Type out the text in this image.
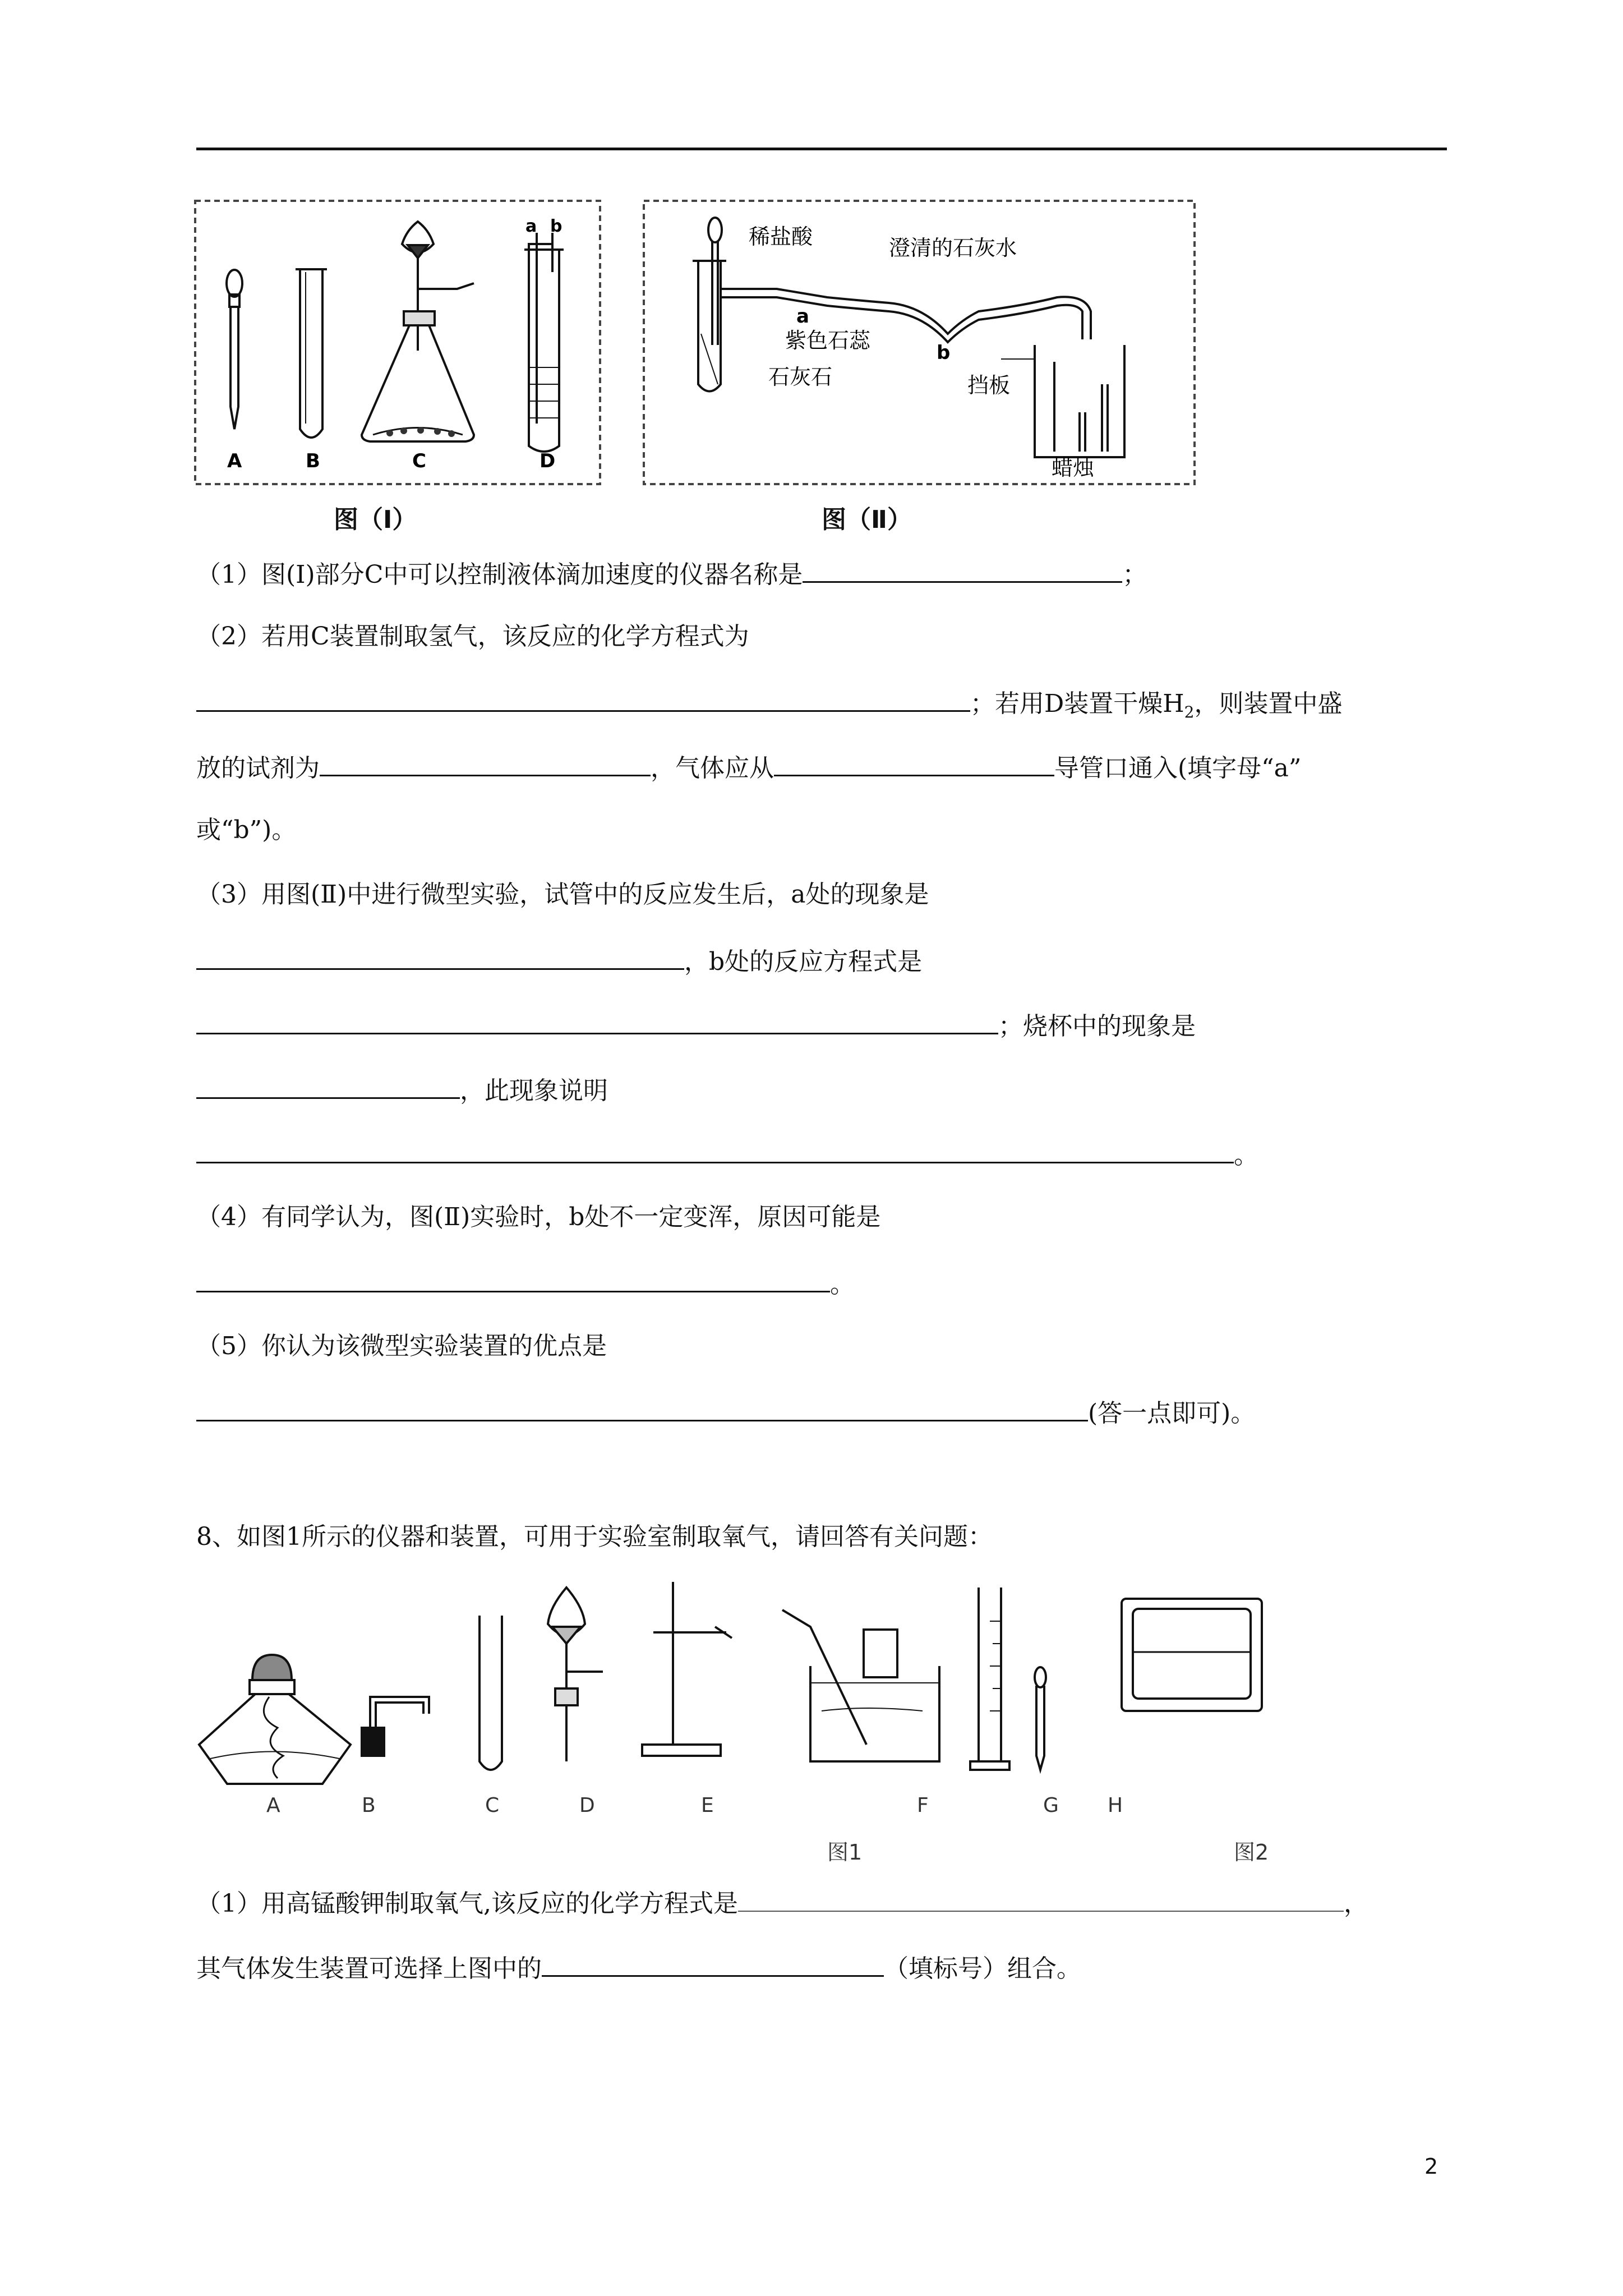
A	B	C	D
a b
图（Ⅰ）
稀盐酸	澄清的石灰水
a
紫色石蕊	b
石灰石	挡板
蜡烛
图（Ⅱ）
（1）图(Ⅰ)部分C中可以控制液体滴加速度的仪器名称是	；
（2）若用C装置制取氢气，该反应的化学方程式为
；若用D装置干燥$H_2$，则装置中盛
放的试剂为	，气体应从	导管口通入(填字母“a”
或“b”)。
（3）用图(Ⅱ)中进行微型实验，试管中的反应发生后，a处的现象是
，b处的反应方程式是
；烧杯中的现象是
，此现象说明
。
（4）有同学认为，图(Ⅱ)实验时，b处不一定变浑，原因可能是
。
（5）你认为该微型实验装置的优点是
(答一点即可)。
8、如图1所示的仪器和装置，可用于实验室制取氧气，请回答有关问题：
A	B	C	D	E	F	G H
图1	图2
（1）用高锰酸钾制取氧气,该反应的化学方程式是	，
其气体发生装置可选择上图中的	（填标号）组合。
2
